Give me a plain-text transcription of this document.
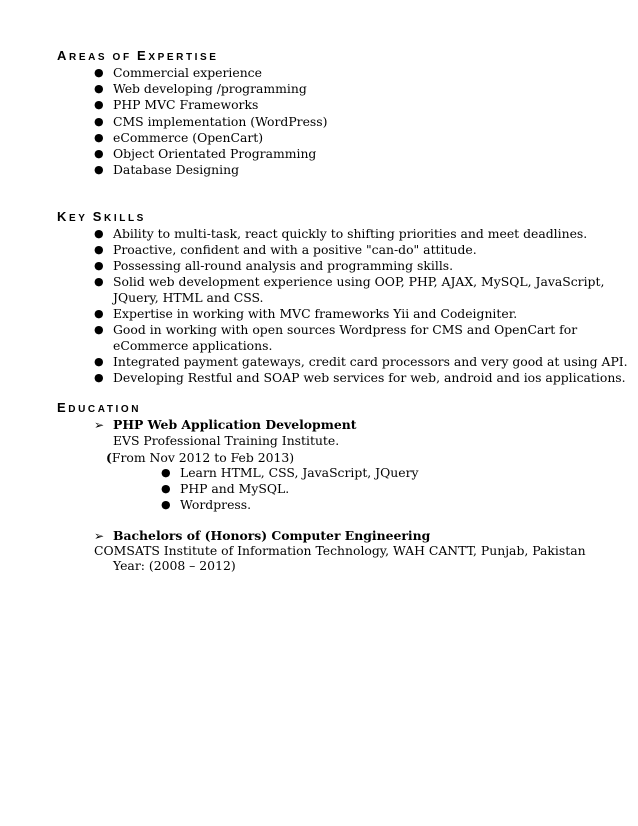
AREAS OF EXPERTISE
● Commercial experience
● Web developing /programming
● PHP MVC Frameworks
● CMS implementation (WordPress)
● eCommerce (OpenCart)
● Object Orientated Programming
● Database Designing
KEY SKILLS
● Ability to multi-task, react quickly to shifting priorities and meet deadlines.
● Proactive, confident and with a positive "can-do" attitude.
● Possessing all-round analysis and programming skills.
● Solid web development experience using OOP, PHP, AJAX, MySQL, JavaScript,
JQuery, HTML and CSS.
● Expertise in working with MVC frameworks Yii and Codeigniter.
● Good in working with open sources Wordpress for CMS and OpenCart for
eCommerce applications.
● Integrated payment gateways, credit card processors and very good at using API.
● Developing Restful and SOAP web services for web, android and ios applications.
EDUCATION
➢ PHP Web Application Development
EVS Professional Training Institute.
(From Nov 2012 to Feb 2013)
● Learn HTML, CSS, JavaScript, JQuery
● PHP and MySQL.
● Wordpress.
➢ Bachelors of (Honors) Computer Engineering
COMSATS Institute of Information Technology, WAH CANTT, Punjab, Pakistan
Year: (2008 – 2012)
